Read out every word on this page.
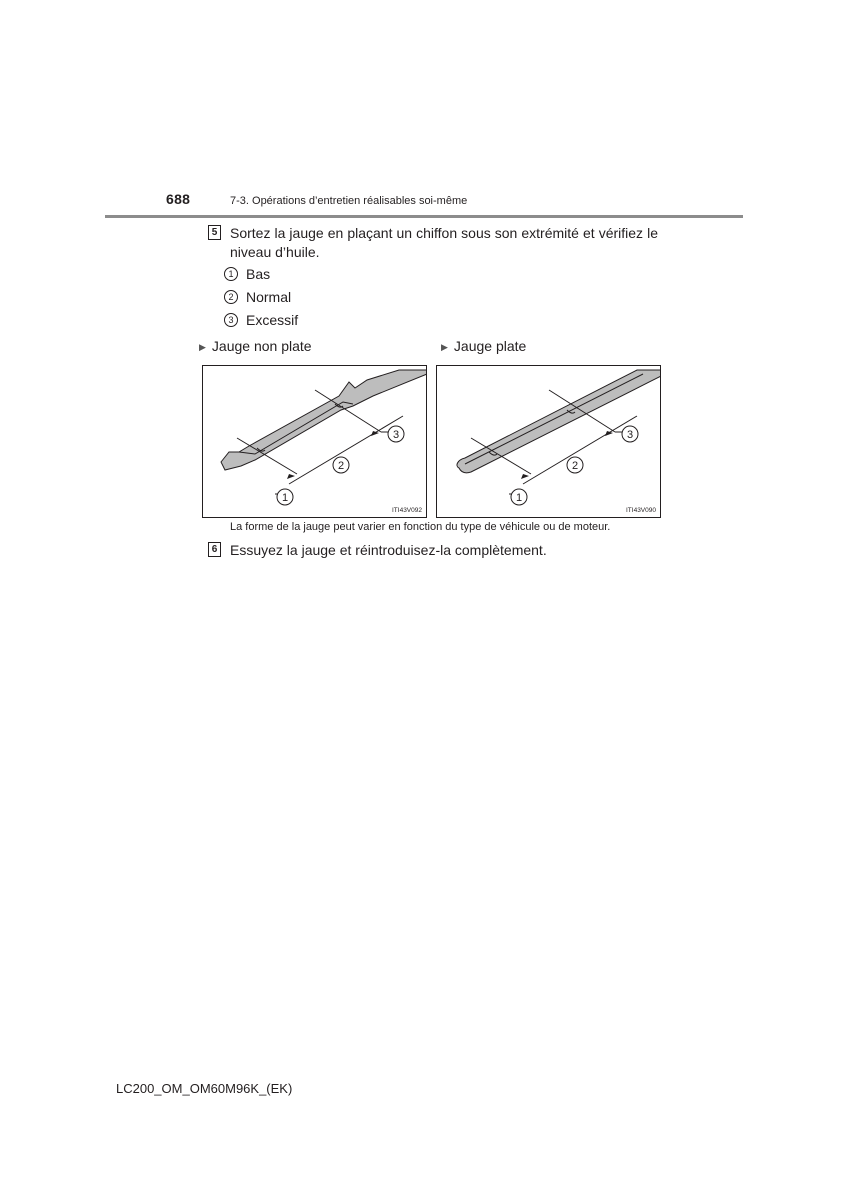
688	7-3. Opérations d’entretien réalisables soi-même
5 Sortez la jauge en plaçant un chiffon sous son extrémité et vérifiez le niveau d’huile.
1 Bas
2 Normal
3 Excessif
▶ Jauge non plate	▶ Jauge plate
1
2
3
ITI43V092
1
2
3
ITI43V090
La forme de la jauge peut varier en fonction du type de véhicule ou de moteur.
6 Essuyez la jauge et réintroduisez-la complètement.
LC200_OM_OM60M96K_(EK)
